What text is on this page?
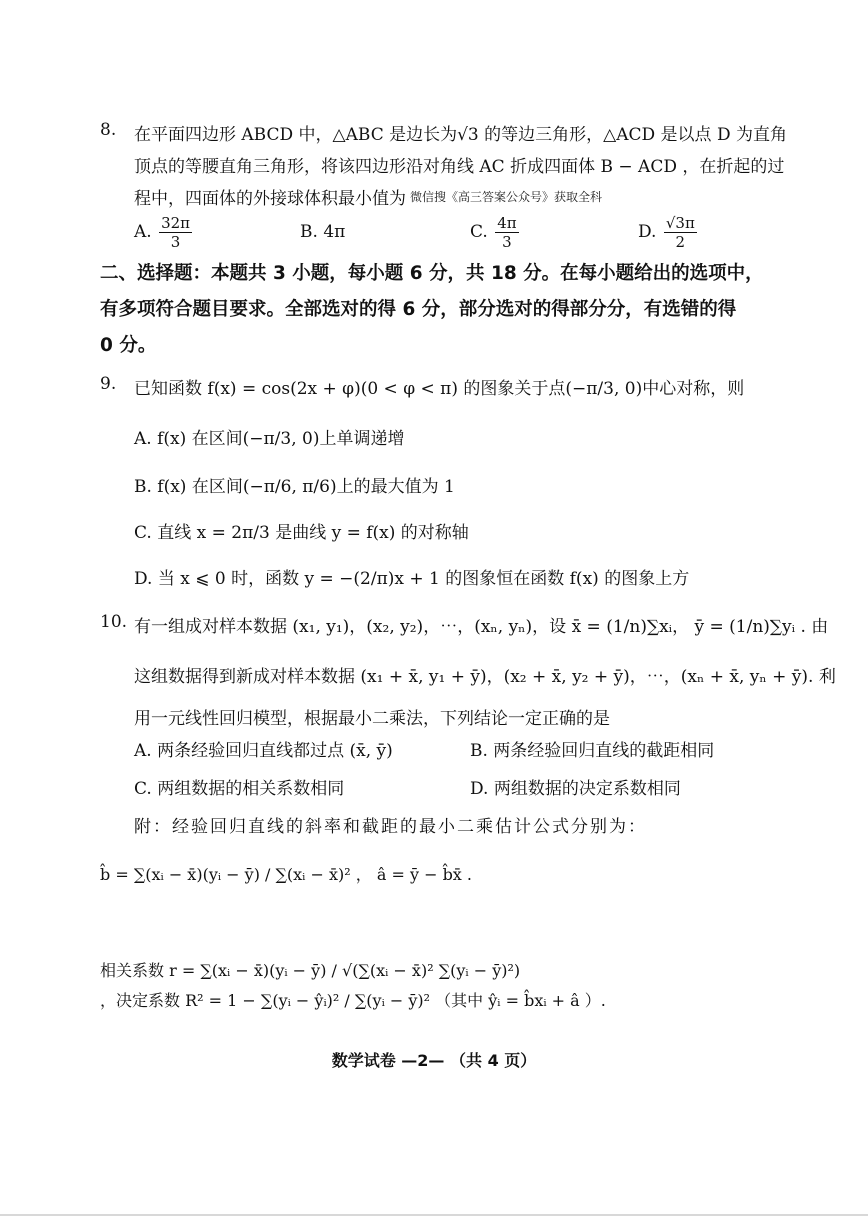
8. 在平面四边形 ABCD 中，△ABC 是边长为√3 的等边三角形，△ACD 是以点 D 为直角
顶点的等腰直角三角形，将该四边形沿对角线 AC 折成四面体 B − ACD ，在折起的过
程中，四面体的外接球体积最小值为 微信搜《高三答案公众号》获取全科
A. $\frac{32\pi}{3}$	B. 4π	C. $\frac{4\pi}{3}$	D. $\frac{√3\pi}{2}$
二、选择题：本题共 3 小题，每小题 6 分，共 18 分。在每小题给出的选项中，
有多项符合题目要求。全部选对的得 6 分，部分选对的得部分分，有选错的得
0 分。
9. 已知函数 f(x) = cos(2x + φ)(0 < φ < π) 的图象关于点(−π/3, 0)中心对称，则
A. f(x) 在区间(−π/3, 0)上单调递增
B. f(x) 在区间(−π/6, π/6)上的最大值为 1
C. 直线 x = 2π/3 是曲线 y = f(x) 的对称轴
D. 当 x ⩽ 0 时，函数 y = −(2/π)x + 1 的图象恒在函数 f(x) 的图象上方
10. 有一组成对样本数据 (x₁, y₁)，(x₂, y₂)，⋯，(xₙ, yₙ)，设 x̄ = (1/n)∑xᵢ， ȳ = (1/n)∑yᵢ . 由
这组数据得到新成对样本数据 (x₁ + x̄, y₁ + ȳ)，(x₂ + x̄, y₂ + ȳ)，⋯，(xₙ + x̄, yₙ + ȳ). 利
用一元线性回归模型，根据最小二乘法，下列结论一定正确的是
A. 两条经验回归直线都过点 (x̄, ȳ)	B. 两条经验回归直线的截距相同
C. 两组数据的相关系数相同	D. 两组数据的决定系数相同
附：经验回归直线的斜率和截距的最小二乘估计公式分别为：
b̂ = ∑(xᵢ − x̄)(yᵢ − ȳ) / ∑(xᵢ − x̄)² ， â = ȳ − b̂x̄ .
相关系数 r = ∑(xᵢ − x̄)(yᵢ − ȳ) / √(∑(xᵢ − x̄)² ∑(yᵢ − ȳ)²)
，决定系数 R² = 1 − ∑(yᵢ − ŷᵢ)² / ∑(yᵢ − ȳ)² （其中 ŷᵢ = b̂xᵢ + â ）.
数学试卷 —2— （共 4 页）
